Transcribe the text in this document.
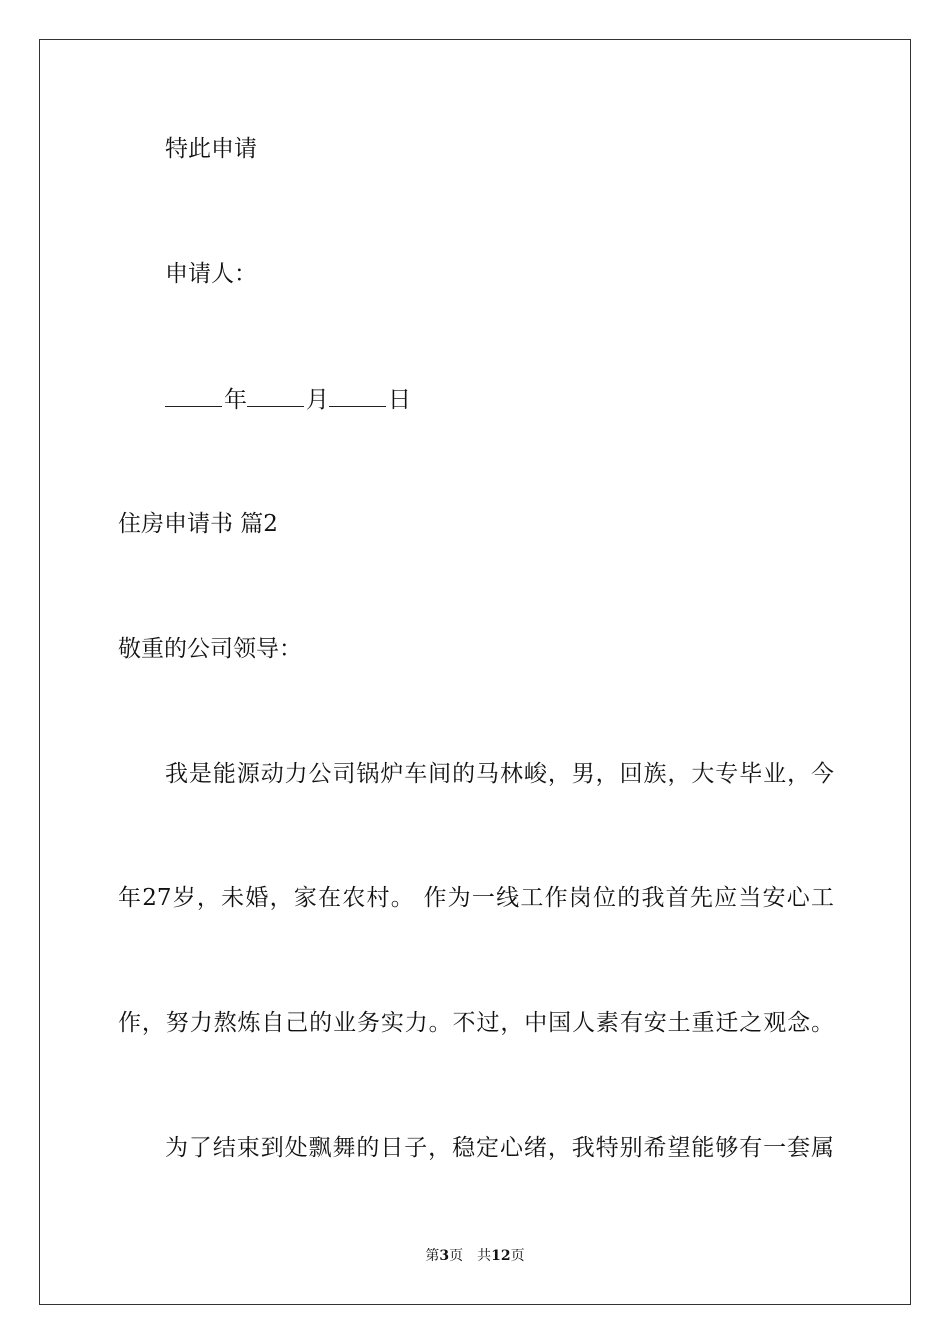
特此申请
申请人：
年	月	日
住房申请书 篇2
敬重的公司领导：
我是能源动力公司锅炉车间的马林峻，男，回族，大专毕业，今
年27岁，未婚，家在农村。 作为一线工作岗位的我首先应当安心工
作，努力熬炼自己的业务实力。不过，中国人素有安土重迁之观念。
为了结束到处飘舞的日子，稳定心绪，我特别希望能够有一套属
第3页 共12页
